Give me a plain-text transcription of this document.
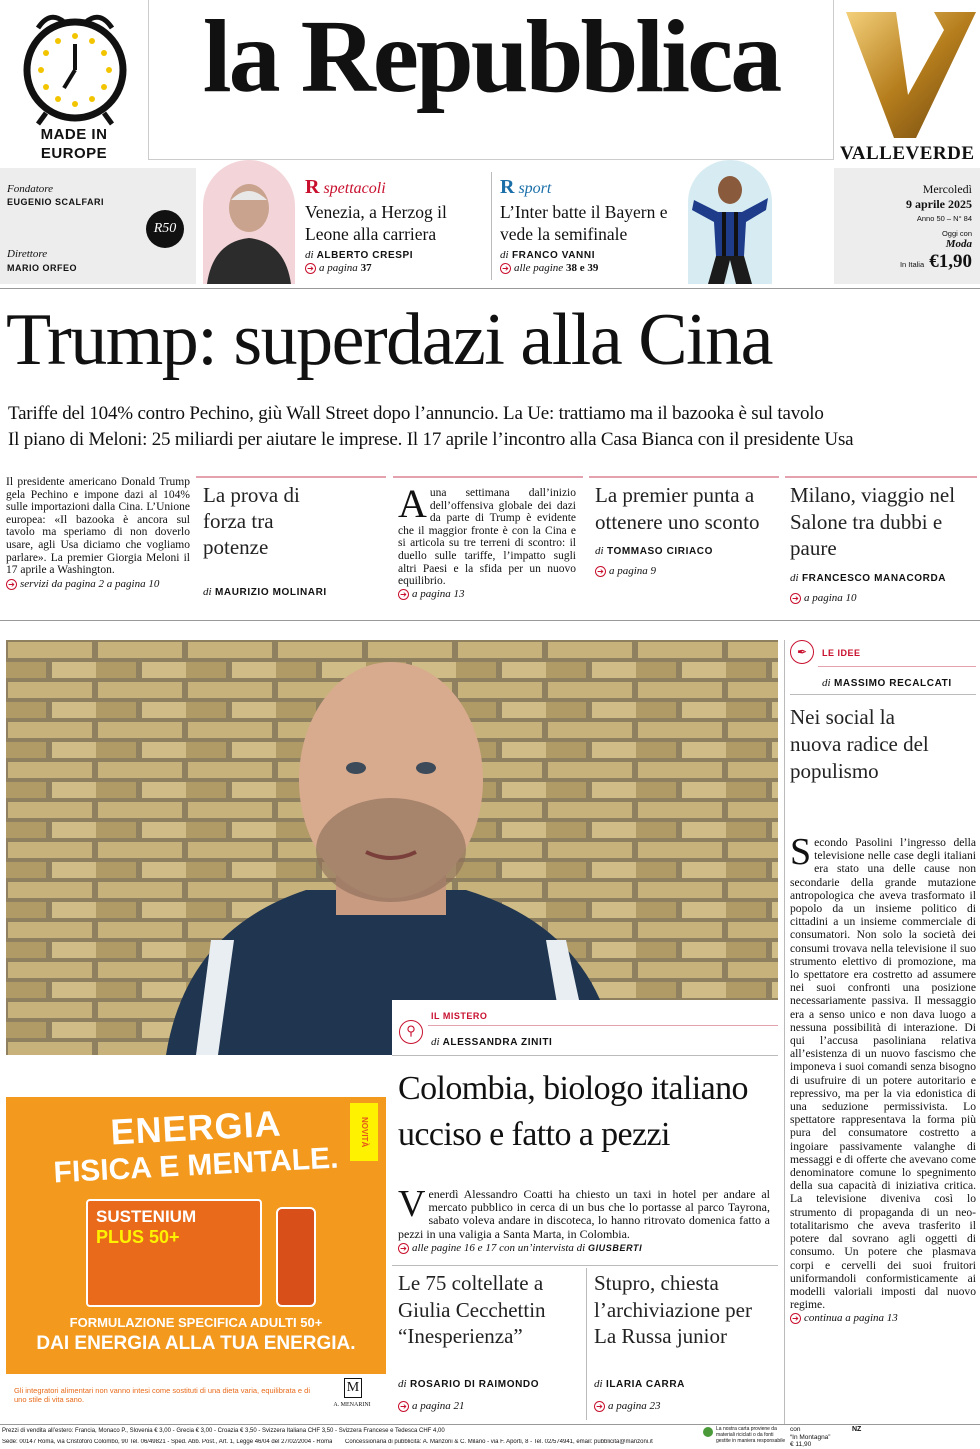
MADE IN EUROPE
la Repubblica
VALLEVERDE
Fondatore
EUGENIO SCALFARI
Direttore
MARIO ORFEO
R50
R spettacoli
Venezia, a Herzog il Leone alla carriera
di ALBERTO CRESPI
➔ a pagina 37
R sport
L’Inter batte il Bayern e vede la semifinale
di FRANCO VANNI
➔ alle pagine 38 e 39
Mercoledì
9 aprile 2025
Anno 50 – N° 84
Oggi con
Moda
In Italia €1,90
Trump: superdazi alla Cina
Tariffe del 104% contro Pechino, giù Wall Street dopo l’annuncio. La Ue: trattiamo ma il bazooka è sul tavolo
Il piano di Meloni: 25 miliardi per aiutare le imprese. Il 17 aprile l’incontro alla Casa Bianca con il presidente Usa
Il presidente americano Donald Trump gela Pechino e impone dazi al 104% sulle importazioni dalla Cina. L’Unione europea: «Il bazooka è ancora sul tavolo ma speriamo di non doverlo usare, agli Usa diciamo che vogliamo parlare». La premier Giorgia Meloni il 17 aprile a Washington.
➔ servizi da pagina 2 a pagina 10
La prova di forza tra potenze
di MAURIZIO MOLINARI
Auna settimana dall’inizio dell’offensiva globale dei dazi da parte di Trump è evidente che il maggior fronte è con la Cina e si articola su tre terreni di scontro: il duello sulle tariffe, l’impatto sugli altri Paesi e la sfida per un nuovo equilibrio.
➔ a pagina 13
La premier punta a ottenere uno sconto
di TOMMASO CIRIACO
➔ a pagina 9
Milano, viaggio nel Salone tra dubbi e paure
di FRANCESCO MANACORDA
➔ a pagina 10
✒	LE IDEE
di MASSIMO RECALCATI
Nei social la nuova radice del populismo
Secondo Pasolini l’ingresso della televisione nelle case degli italiani era stato una delle cause non secondarie della grande mutazione antropologica che aveva trasformato il popolo da un insieme politico di cittadini a un insieme commerciale di consumatori. Non solo la società dei consumi trovava nella televisione il suo strumento elettivo di promozione, ma lo spettatore era costretto ad assumere nei suoi confronti una posizione necessariamente passiva. Il messaggio era a senso unico e non dava luogo a nessuna possibilità di interazione. Di qui l’accusa pasoliniana relativa all’esistenza di un nuovo fascismo che imponeva i suoi comandi senza bisogno di usufruire di un potere autoritario e repressivo, ma per la via edonistica di una seduzione permissivista. Lo spettatore rappresentava la forma più pura del consumatore costretto a ingoiare passivamente valanghe di messaggi e di offerte che avevano come denominatore comune lo spegnimento della sua capacità di iniziativa critica. La televisione diveniva così lo strumento di propaganda di un neo-totalitarismo che aveva trasferito il potere dal sovrano agli oggetti di consumo. Un potere che plasmava corpi e cervelli dei suoi fruitori uniformandoli conformisticamente ai modelli valoriali imposti dal nuovo regime.
➔ continua a pagina 13
⚲
IL MISTERO
di ALESSANDRA ZINITI
Colombia, biologo italiano ucciso e fatto a pezzi
Venerdì Alessandro Coatti ha chiesto un taxi in hotel per andare al mercato pubblico in cerca di un bus che lo portasse al parco Tayrona, sabato voleva andare in discoteca, lo hanno ritrovato domenica fatto a pezzi in una valigia a Santa Marta, in Colombia.
➔ alle pagine 16 e 17 con un’intervista di GIUSBERTI
Le 75 coltellate a Giulia Cecchettin “Inesperienza”
di ROSARIO DI RAIMONDO
➔ a pagina 21
Stupro, chiesta l’archiviazione per La Russa junior
di ILARIA CARRA
➔ a pagina 23
NOVITÀ
ENERGIA
FISICA E MENTALE.
SUSTENIUM
PLUS 50+
FORMULAZIONE SPECIFICA ADULTI 50+
DAI ENERGIA ALLA TUA ENERGIA.
Gli integratori alimentari non vanno intesi come sostituti di una dieta varia, equilibrata e di uno stile di vita sano.
A. MENARINI
M
Prezzi di vendita all’estero: Francia, Monaco P., Slovenia € 3,00 - Grecia € 3,00 - Croazia € 3,50 - Svizzera Italiana CHF 3,50 - Svizzera Francese e Tedesca CHF 4,00
Sede: 00147 Roma, via Cristoforo Colombo, 90 Tel. 06/49821 - Sped. Abb. Post., Art. 1, Legge 46/04 del 27/02/2004 - Roma Concessionaria di pubblicità: A. Manzoni & C. Milano - via F. Aporti, 8 - Tel. 02/574941, email: pubblicita@manzoni.it
La nostra carta proviene da materiali riciclati o da fonti gestite in maniera responsabile
con
“In Montagna”
€ 11,90
NZ
